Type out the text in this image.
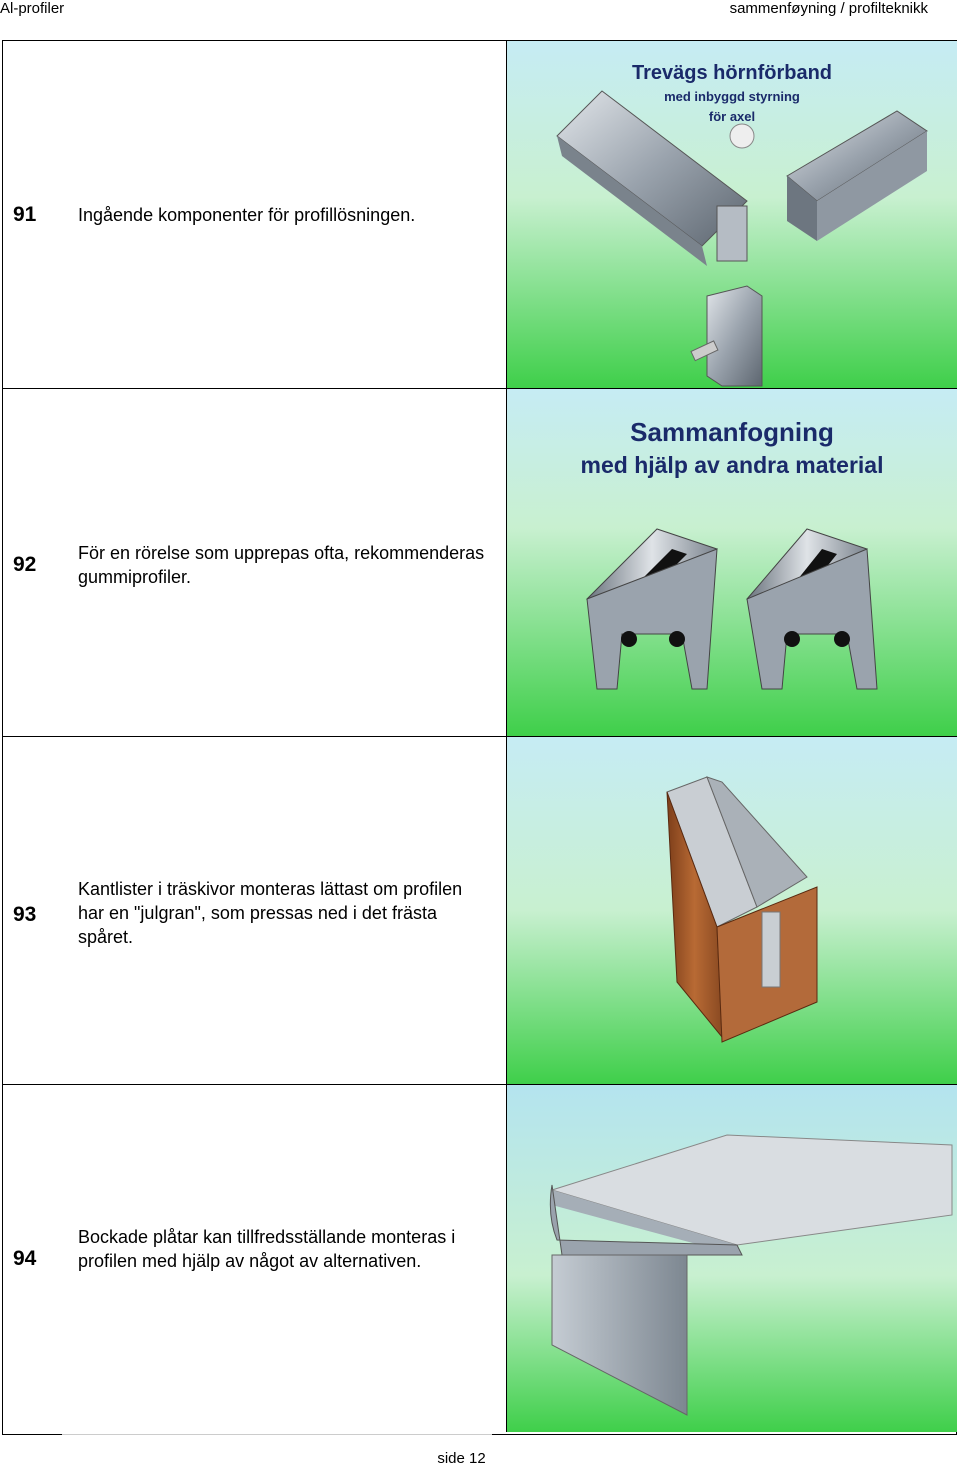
Al-profiler	sammenføyning / profilteknikk
91 Ingående komponenter för profillösningen.
Trevägs hörnförband
med inbyggd styrning
för axel
92 För en rörelse som upprepas ofta, rekommenderas gummiprofiler.
Sammanfogning
med hjälp av andra material
93
Kantlister i träskivor monteras lättast om profilen har en "julgran", som pressas ned i det frästa spåret.
94
Bockade plåtar kan tillfredsställande monteras i profilen med hjälp av något av alternativen.
side 12
